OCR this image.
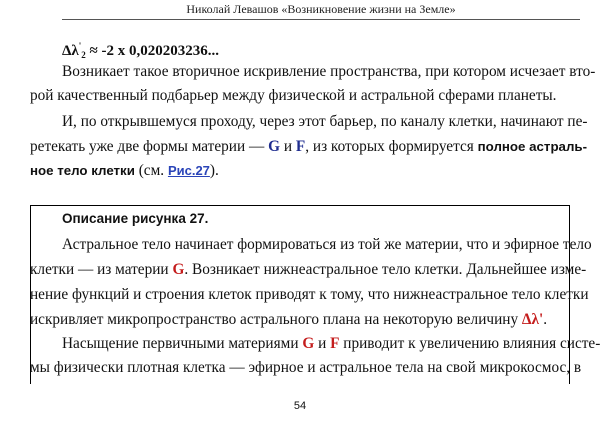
Николай Левашов «Возникновение жизни на Земле»
$\Delta\lambda'_2 \approx -2$ x 0,020203236...
Возникает такое вторичное искривление пространства, при котором исчезает вто-
рой качественный подбарьер между физической и астральной сферами планеты.
И, по открывшемуся проходу, через этот барьер, по каналу клетки, начинают пе-
ретекать уже две формы материи — G и F, из которых формируется полное астраль-
ное тело клетки (см. Рис.27).
Описание рисунка 27.
Астральное тело начинает формироваться из той же материи, что и эфирное тело
клетки — из материи G. Возникает нижнеастральное тело клетки. Дальнейшее изме-
нение функций и строения клеток приводят к тому, что нижнеастральное тело клетки
искривляет микропространство астрального плана на некоторую величину Δλ'.
Насыщение первичными материями G и F приводит к увеличению влияния систе-
мы физически плотная клетка — эфирное и астральное тела на свой микрокосмос, в
54
